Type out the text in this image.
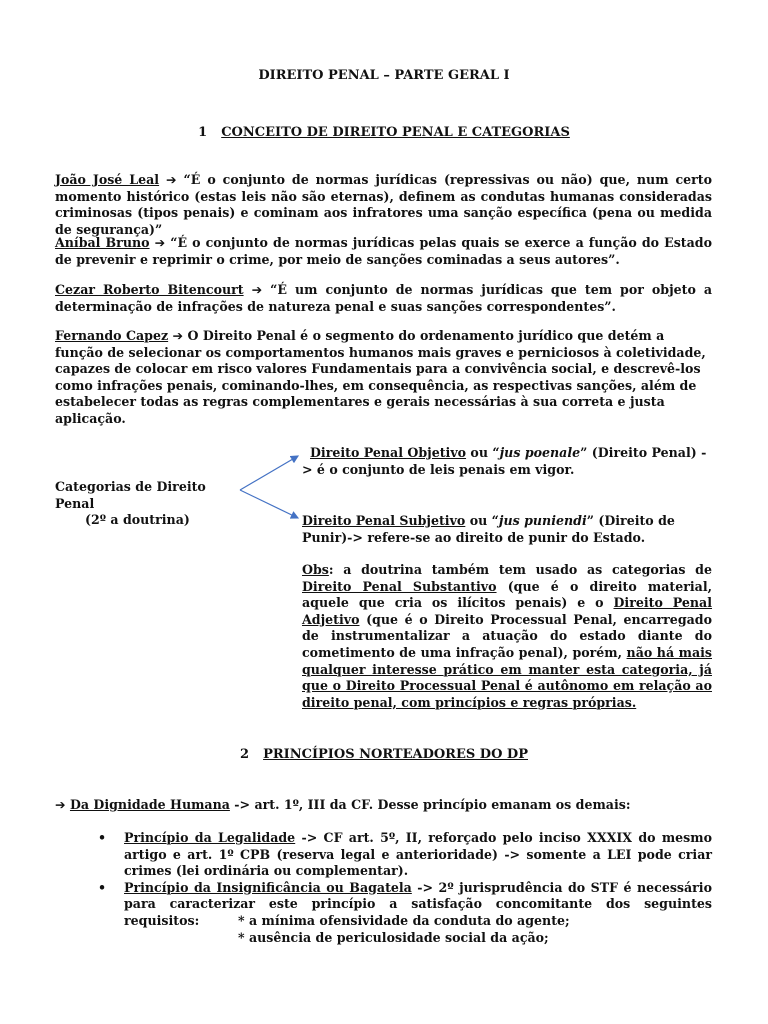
DIREITO PENAL – PARTE GERAL I
1 CONCEITO DE DIREITO PENAL E CATEGORIAS
João José Leal ➔ “É o conjunto de normas jurídicas (repressivas ou não) que, num certo momento histórico (estas leis não são eternas), definem as condutas humanas consideradas criminosas (tipos penais) e cominam aos infratores uma sanção específica (pena ou medida de segurança)”
Aníbal Bruno ➔ “É o conjunto de normas jurídicas pelas quais se exerce a função do Estado de prevenir e reprimir o crime, por meio de sanções cominadas a seus autores”.
Cezar Roberto Bitencourt ➔ “É um conjunto de normas jurídicas que tem por objeto a determinação de infrações de natureza penal e suas sanções correspondentes”.
Fernando Capez ➔ O Direito Penal é o segmento do ordenamento jurídico que detém a função de selecionar os comportamentos humanos mais graves e perniciosos à coletividade, capazes de colocar em risco valores Fundamentais para a convivência social, e descrevê-los como infrações penais, cominando-lhes, em consequência, as respectivas sanções, além de estabelecer todas as regras complementares e gerais necessárias à sua correta e justa aplicação.
Categorias de Direito Penal
(2º a doutrina)
Direito Penal Objetivo ou “jus poenale” (Direito Penal) -> é o conjunto de leis penais em vigor.
Direito Penal Subjetivo ou “jus puniendi” (Direito de Punir)-> refere-se ao direito de punir do Estado.
Obs: a doutrina também tem usado as categorias de Direito Penal Substantivo (que é o direito material, aquele que cria os ilícitos penais) e o Direito Penal Adjetivo (que é o Direito Processual Penal, encarregado de instrumentalizar a atuação do estado diante do cometimento de uma infração penal), porém, não há mais qualquer interesse prático em manter esta categoria, já que o Direito Processual Penal é autônomo em relação ao direito penal, com princípios e regras próprias.
2 PRINCÍPIOS NORTEADORES DO DP
➔ Da Dignidade Humana -> art. 1º, III da CF. Desse princípio emanam os demais:
• Princípio da Legalidade -> CF art. 5º, II, reforçado pelo inciso XXXIX do mesmo artigo e art. 1º CPB (reserva legal e anterioridade) -> somente a LEI pode criar crimes (lei ordinária ou complementar).
• Princípio da Insignificância ou Bagatela -> 2º jurisprudência do STF é necessário para caracterizar este princípio a satisfação concomitante dos seguintes requisitos:	* a mínima ofensividade da conduta do agente;
* ausência de periculosidade social da ação;
